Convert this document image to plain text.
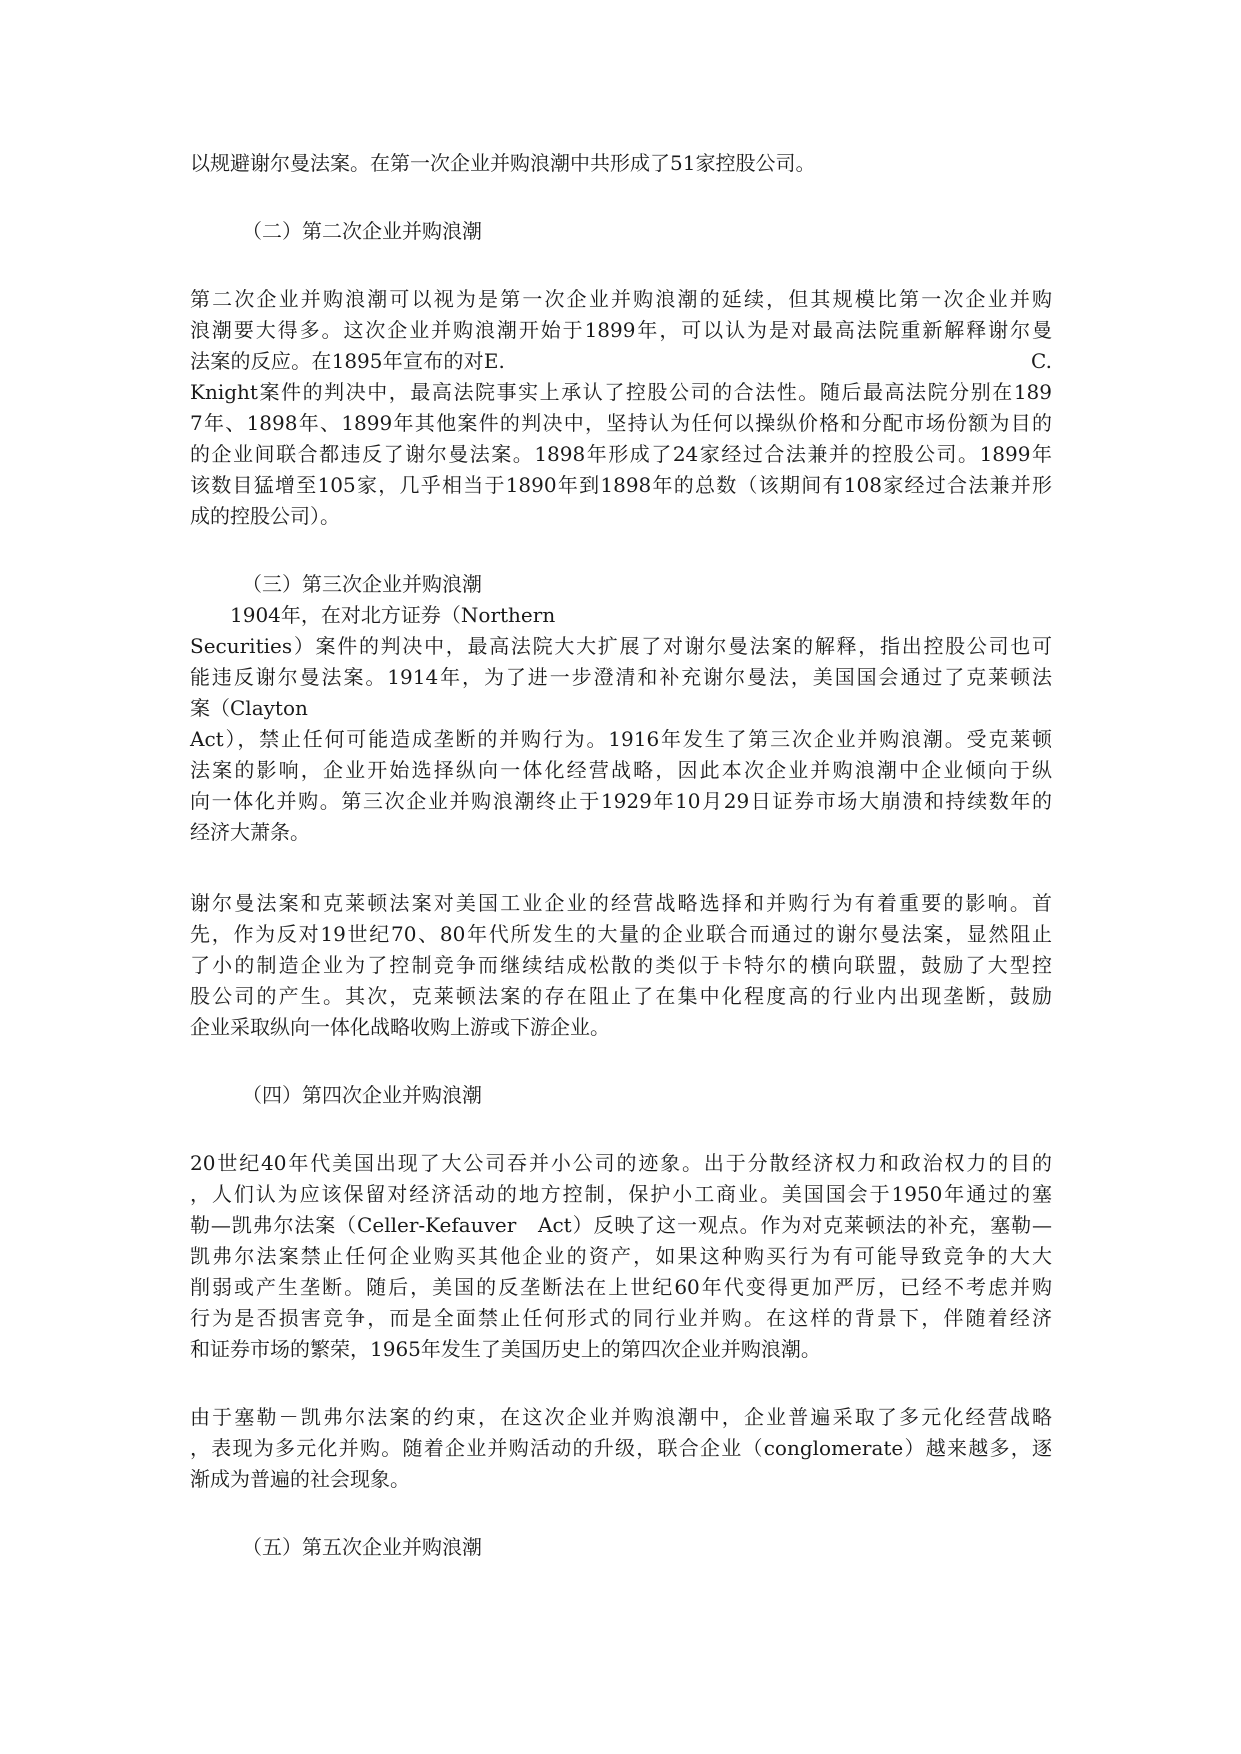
以规避谢尔曼法案。在第一次企业并购浪潮中共形成了51家控股公司。
（二）第二次企业并购浪潮
第二次企业并购浪潮可以视为是第一次企业并购浪潮的延续，但其规模比第一次企业并购
浪潮要大得多。这次企业并购浪潮开始于1899年，可以认为是对最高法院重新解释谢尔曼
法案的反应。在1895年宣布的对E.　　　　　　　　　　　　　　　　　　　　　　　　　　C.
Knight案件的判决中，最高法院事实上承认了控股公司的合法性。随后最高法院分别在189
7年、1898年、1899年其他案件的判决中，坚持认为任何以操纵价格和分配市场份额为目的
的企业间联合都违反了谢尔曼法案。1898年形成了24家经过合法兼并的控股公司。1899年
该数目猛增至105家，几乎相当于1890年到1898年的总数（该期间有108家经过合法兼并形
成的控股公司）。
（三）第三次企业并购浪潮
1904年，在对北方证券（Northern
Securities）案件的判决中，最高法院大大扩展了对谢尔曼法案的解释，指出控股公司也可
能违反谢尔曼法案。1914年，为了进一步澄清和补充谢尔曼法，美国国会通过了克莱顿法
案（Clayton
Act），禁止任何可能造成垄断的并购行为。1916年发生了第三次企业并购浪潮。受克莱顿
法案的影响，企业开始选择纵向一体化经营战略，因此本次企业并购浪潮中企业倾向于纵
向一体化并购。第三次企业并购浪潮终止于1929年10月29日证券市场大崩溃和持续数年的
经济大萧条。
谢尔曼法案和克莱顿法案对美国工业企业的经营战略选择和并购行为有着重要的影响。首
先，作为反对19世纪70、80年代所发生的大量的企业联合而通过的谢尔曼法案，显然阻止
了小的制造企业为了控制竞争而继续结成松散的类似于卡特尔的横向联盟，鼓励了大型控
股公司的产生。其次，克莱顿法案的存在阻止了在集中化程度高的行业内出现垄断，鼓励
企业采取纵向一体化战略收购上游或下游企业。
（四）第四次企业并购浪潮
20世纪40年代美国出现了大公司吞并小公司的迹象。出于分散经济权力和政治权力的目的
，人们认为应该保留对经济活动的地方控制，保护小工商业。美国国会于1950年通过的塞
勒—凯弗尔法案（Celler-Kefauver　Act）反映了这一观点。作为对克莱顿法的补充，塞勒—
凯弗尔法案禁止任何企业购买其他企业的资产，如果这种购买行为有可能导致竞争的大大
削弱或产生垄断。随后，美国的反垄断法在上世纪60年代变得更加严厉，已经不考虑并购
行为是否损害竞争，而是全面禁止任何形式的同行业并购。在这样的背景下，伴随着经济
和证券市场的繁荣，1965年发生了美国历史上的第四次企业并购浪潮。
由于塞勒－凯弗尔法案的约束，在这次企业并购浪潮中，企业普遍采取了多元化经营战略
，表现为多元化并购。随着企业并购活动的升级，联合企业（conglomerate）越来越多，逐
渐成为普遍的社会现象。
（五）第五次企业并购浪潮
